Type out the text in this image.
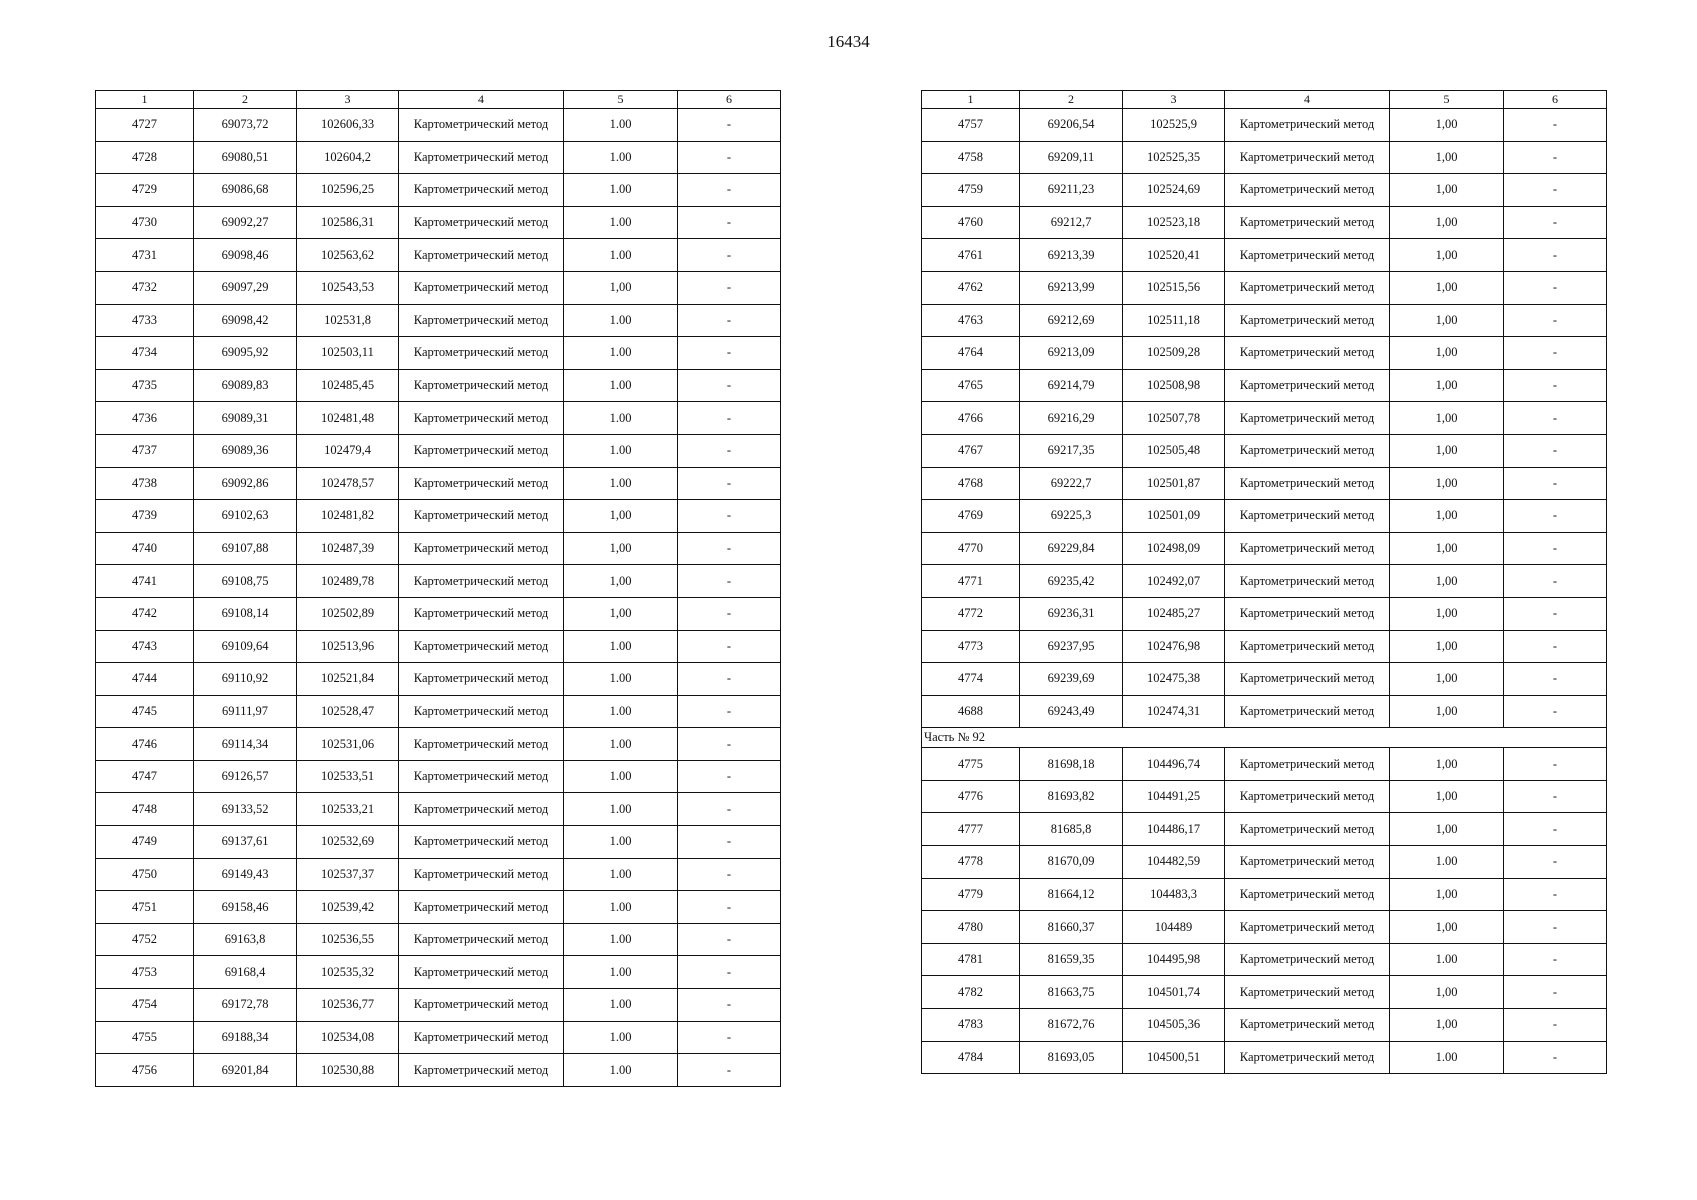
16434
1	2	3	4	5	6
4727	69073,72	102606,33	Картометрический метод	1.00	-
4728	69080,51	102604,2	Картометрический метод	1.00	-
4729	69086,68	102596,25	Картометрический метод	1.00	-
4730	69092,27	102586,31	Картометрический метод	1.00	-
4731	69098,46	102563,62	Картометрический метод	1.00	-
4732	69097,29	102543,53	Картометрический метод	1,00	-
4733	69098,42	102531,8	Картометрический метод	1.00	-
4734	69095,92	102503,11	Картометрический метод	1.00	-
4735	69089,83	102485,45	Картометрический метод	1.00	-
4736	69089,31	102481,48	Картометрический метод	1.00	-
4737	69089,36	102479,4	Картометрический метод	1.00	-
4738	69092,86	102478,57	Картометрический метод	1.00	-
4739	69102,63	102481,82	Картометрический метод	1,00	-
4740	69107,88	102487,39	Картометрический метод	1,00	-
4741	69108,75	102489,78	Картометрический метод	1,00	-
4742	69108,14	102502,89	Картометрический метод	1,00	-
4743	69109,64	102513,96	Картометрический метод	1.00	-
4744	69110,92	102521,84	Картометрический метод	1.00	-
4745	69111,97	102528,47	Картометрический метод	1.00	-
4746	69114,34	102531,06	Картометрический метод	1.00	-
4747	69126,57	102533,51	Картометрический метод	1.00	-
4748	69133,52	102533,21	Картометрический метод	1.00	-
4749	69137,61	102532,69	Картометрический метод	1.00	-
4750	69149,43	102537,37	Картометрический метод	1.00	-
4751	69158,46	102539,42	Картометрический метод	1.00	-
4752	69163,8	102536,55	Картометрический метод	1.00	-
4753	69168,4	102535,32	Картометрический метод	1.00	-
4754	69172,78	102536,77	Картометрический метод	1.00	-
4755	69188,34	102534,08	Картометрический метод	1.00	-
4756	69201,84	102530,88	Картометрический метод	1.00	-
1	2	3	4	5	6
4757	69206,54	102525,9	Картометрический метод	1,00	-
4758	69209,11	102525,35	Картометрический метод	1,00	-
4759	69211,23	102524,69	Картометрический метод	1,00	-
4760	69212,7	102523,18	Картометрический метод	1,00	-
4761	69213,39	102520,41	Картометрический метод	1,00	-
4762	69213,99	102515,56	Картометрический метод	1,00	-
4763	69212,69	102511,18	Картометрический метод	1,00	-
4764	69213,09	102509,28	Картометрический метод	1,00	-
4765	69214,79	102508,98	Картометрический метод	1,00	-
4766	69216,29	102507,78	Картометрический метод	1,00	-
4767	69217,35	102505,48	Картометрический метод	1,00	-
4768	69222,7	102501,87	Картометрический метод	1,00	-
4769	69225,3	102501,09	Картометрический метод	1,00	-
4770	69229,84	102498,09	Картометрический метод	1,00	-
4771	69235,42	102492,07	Картометрический метод	1,00	-
4772	69236,31	102485,27	Картометрический метод	1,00	-
4773	69237,95	102476,98	Картометрический метод	1,00	-
4774	69239,69	102475,38	Картометрический метод	1,00	-
4688	69243,49	102474,31	Картометрический метод	1,00	-
Часть № 92					
4775	81698,18	104496,74	Картометрический метод	1,00	-
4776	81693,82	104491,25	Картометрический метод	1,00	-
4777	81685,8	104486,17	Картометрический метод	1,00	-
4778	81670,09	104482,59	Картометрический метод	1.00	-
4779	81664,12	104483,3	Картометрический метод	1,00	-
4780	81660,37	104489	Картометрический метод	1,00	-
4781	81659,35	104495,98	Картометрический метод	1.00	-
4782	81663,75	104501,74	Картометрический метод	1,00	-
4783	81672,76	104505,36	Картометрический метод	1,00	-
4784	81693,05	104500,51	Картометрический метод	1.00	-
